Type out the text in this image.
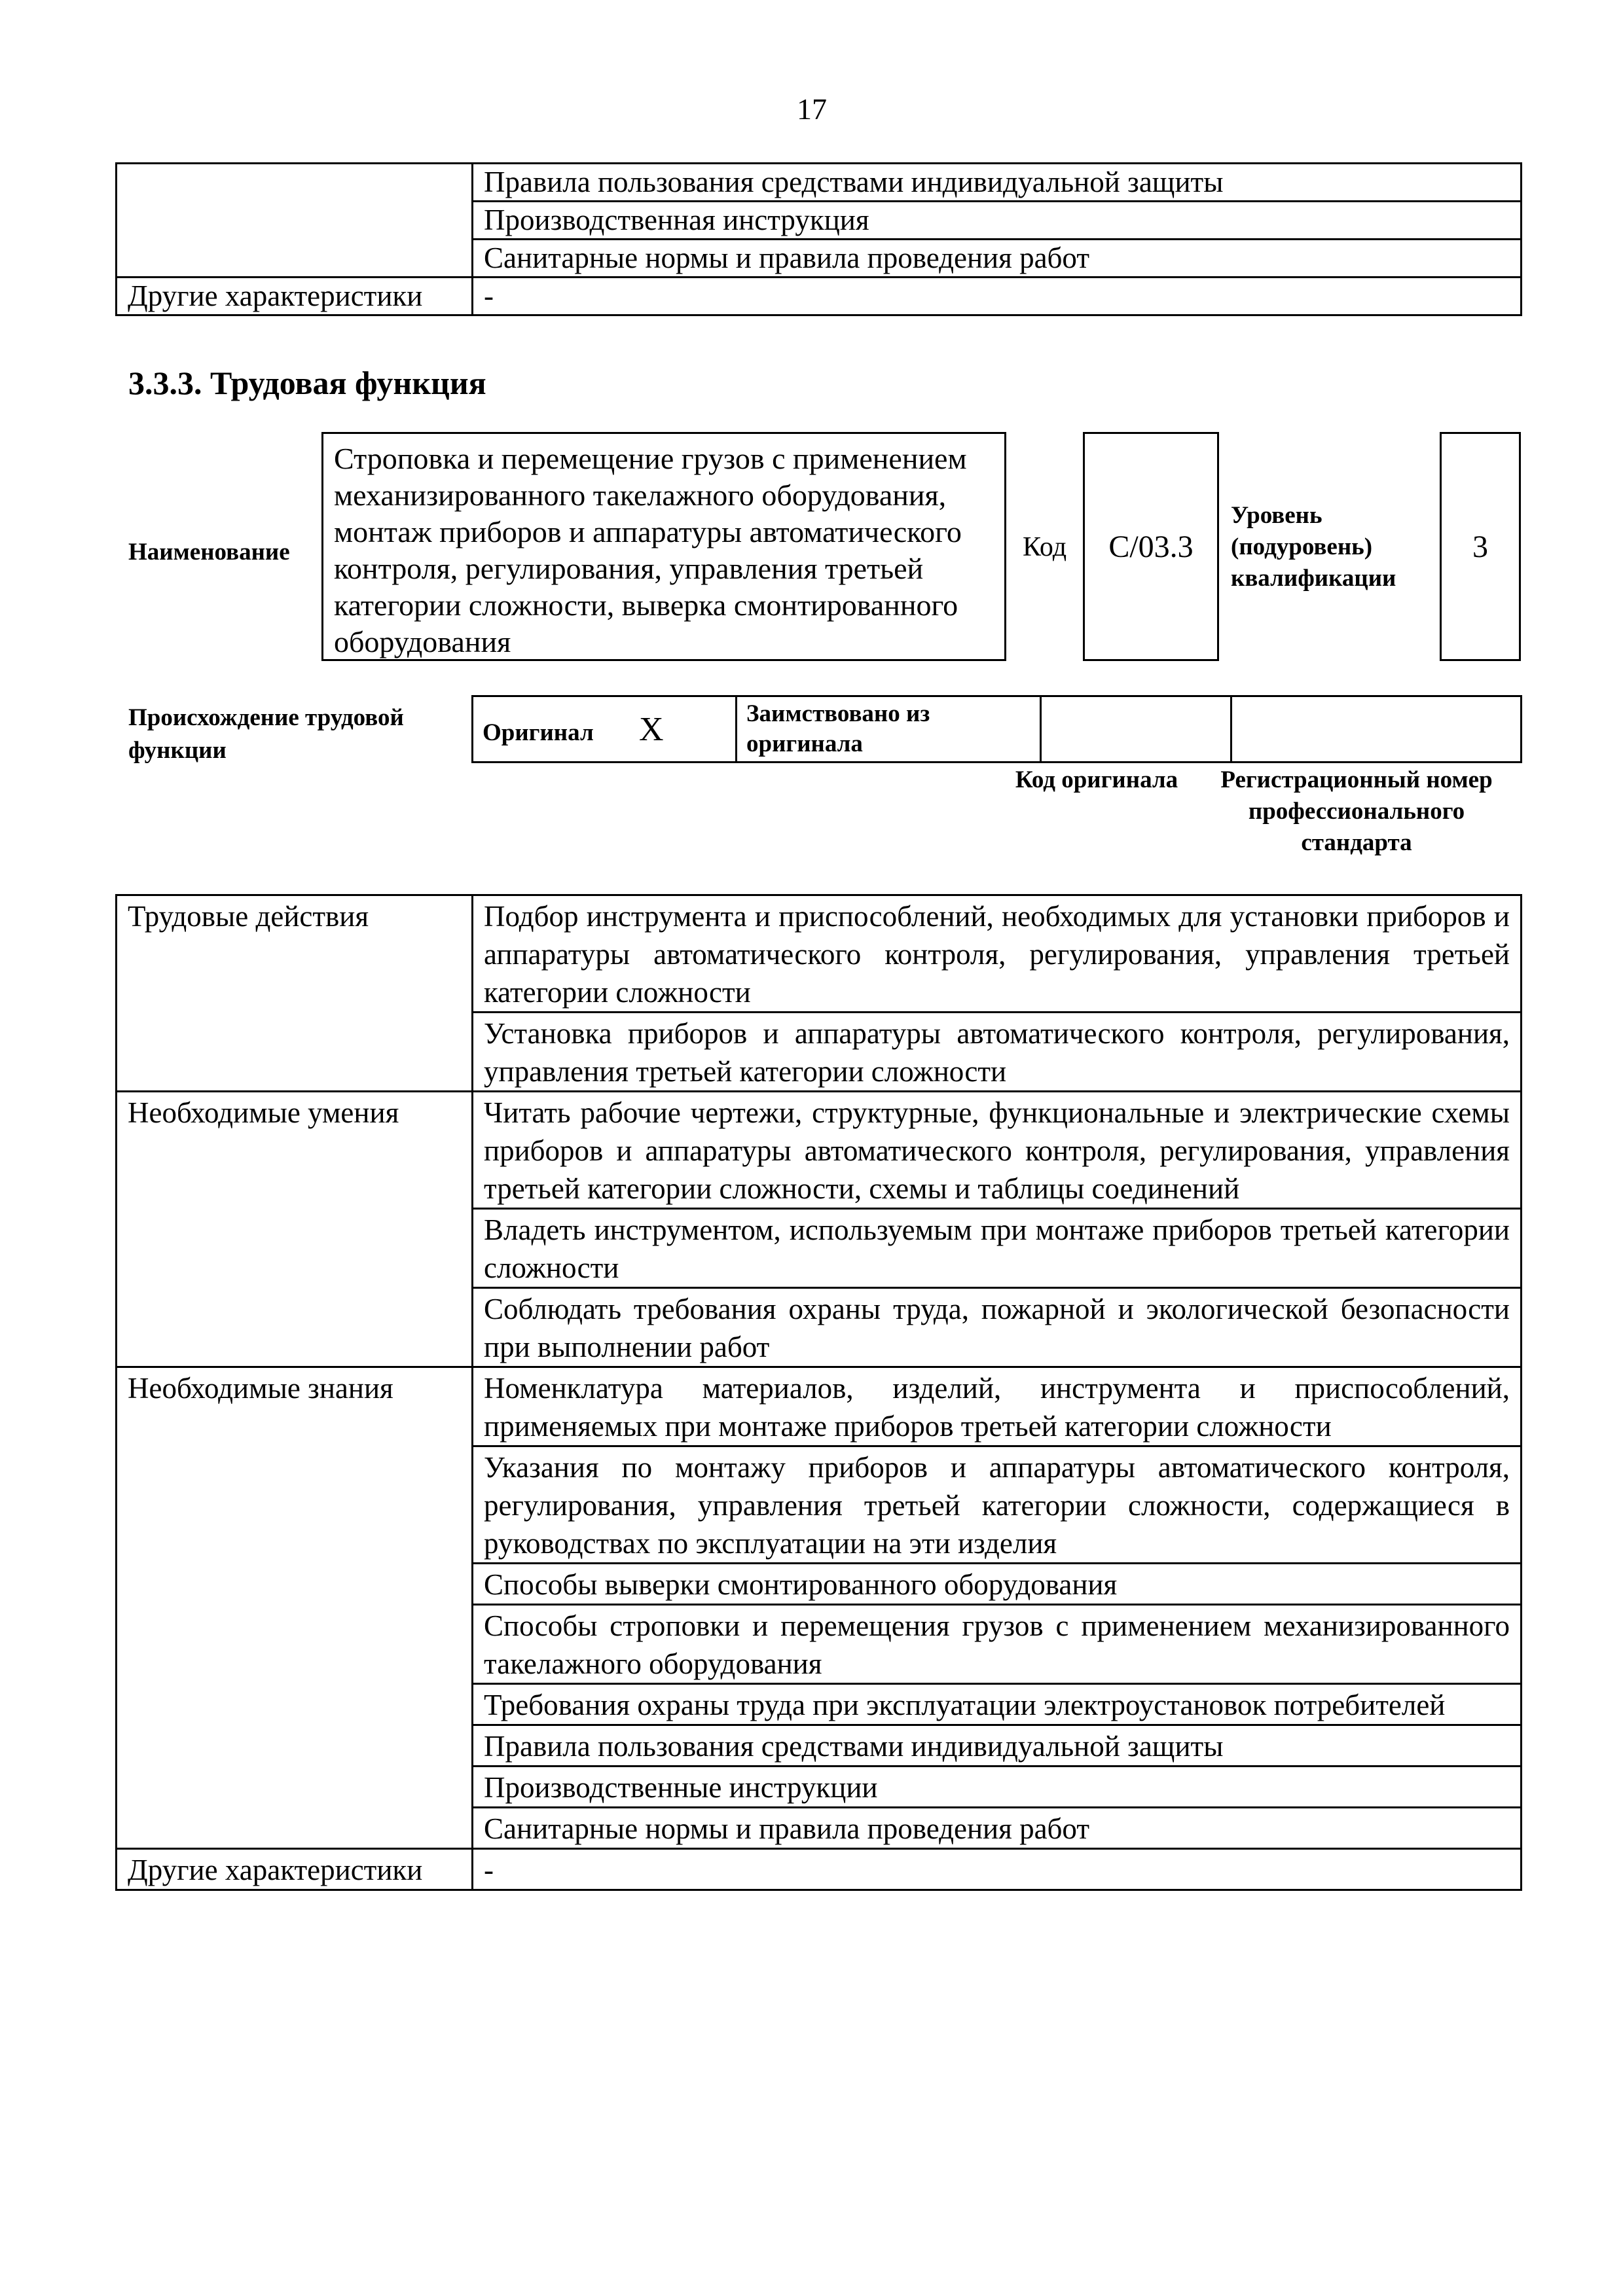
17
	Правила пользования средствами индивидуальной защиты
	Производственная инструкция
	Санитарные нормы и правила проведения работ
Другие характеристики	-
3.3.3. Трудовая функция
Наименование
Строповка и перемещение грузов с применением механизированного такелажного оборудования, монтаж приборов и аппаратуры автоматического контроля, регулирования, управления третьей категории сложности, выверка смонтированного оборудования
Код	C/03.3
Уровень (подуровень) квалификации
3
Происхождение трудовой функции
Оригинал X	Заимствовано из оригинала		
Код оригинала	Регистрационный номер профессионального стандарта
Трудовые действия	Подбор инструмента и приспособлений, необходимых для установки приборов и аппаратуры автоматического контроля, регулирования, управления третьей категории сложности
	Установка приборов и аппаратуры автоматического контроля, регулирования, управления третьей категории сложности
Необходимые умения	Читать рабочие чертежи, структурные, функциональные и электрические схемы приборов и аппаратуры автоматического контроля, регулирования, управления третьей категории сложности, схемы и таблицы соединений
	Владеть инструментом, используемым при монтаже приборов третьей категории сложности
	Соблюдать требования охраны труда, пожарной и экологической безопасности при выполнении работ
Необходимые знания	Номенклатура материалов, изделий, инструмента и приспособлений, применяемых при монтаже приборов третьей категории сложности
	Указания по монтажу приборов и аппаратуры автоматического контроля, регулирования, управления третьей категории сложности, содержащиеся в руководствах по эксплуатации на эти изделия
	Способы выверки смонтированного оборудования
	Способы строповки и перемещения грузов с применением механизированного такелажного оборудования
	Требования охраны труда при эксплуатации электроустановок потребителей
	Правила пользования средствами индивидуальной защиты
	Производственные инструкции
	Санитарные нормы и правила проведения работ
Другие характеристики	-
